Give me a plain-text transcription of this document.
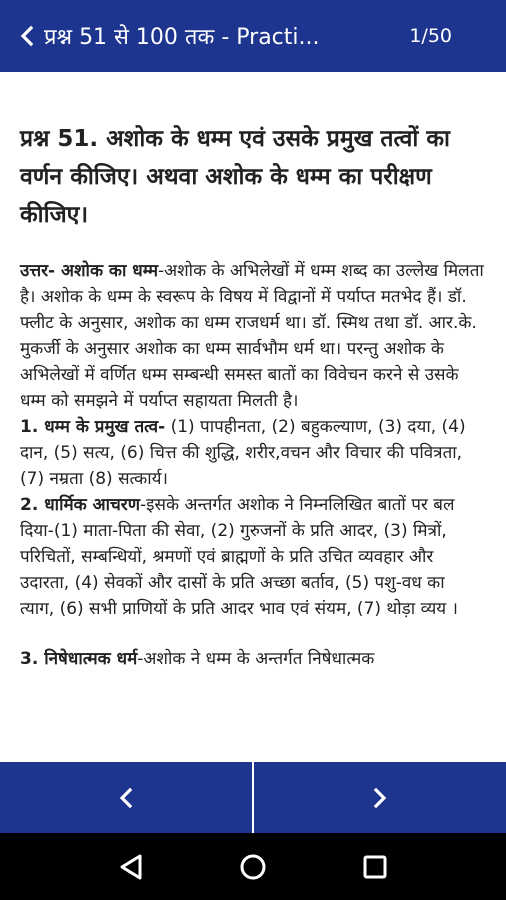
प्रश्न 51 से 100 तक - Practi...	1/50
प्रश्न 51. अशोक के धम्म एवं उसके प्रमुख तत्वों का वर्णन कीजिए। अथवा अशोक के धम्म का परीक्षण कीजिए।
उत्तर- अशोक का धम्म-अशोक के अभिलेखों में धम्म शब्द का उल्लेख मिलता है। अशोक के धम्म के स्वरूप के विषय में विद्वानों में पर्याप्त मतभेद हैं। डॉ. फ्लीट के अनुसार, अशोक का धम्म राजधर्म था। डॉ. स्मिथ तथा डॉ. आर.के. मुकर्जी के अनुसार अशोक का धम्म सार्वभौम धर्म था। परन्तु अशोक के अभिलेखों में वर्णित धम्म सम्बन्धी समस्त बातों का विवेचन करने से उसके धम्म को समझने में पर्याप्त सहायता मिलती है।
1. धम्म के प्रमुख तत्व- (1) पापहीनता, (2) बहुकल्याण, (3) दया, (4) दान, (5) सत्य, (6) चित्त की शुद्धि, शरीर,वचन और विचार की पवित्रता, (7) नम्रता (8) सत्कार्य।
2. धार्मिक आचरण-इसके अन्तर्गत अशोक ने निम्नलिखित बातों पर बल दिया-(1) माता-पिता की सेवा, (2) गुरुजनों के प्रति आदर, (3) मित्रों, परिचितों, सम्बन्धियों, श्रमणों एवं ब्राह्मणों के प्रति उचित व्यवहार और उदारता, (4) सेवकों और दासों के प्रति अच्छा बर्ताव, (5) पशु-वध का त्याग, (6) सभी प्राणियों के प्रति आदर भाव एवं संयम, (7) थोड़ा व्यय ।
3. निषेधात्मक धर्म-अशोक ने धम्म के अन्तर्गत निषेधात्मक
